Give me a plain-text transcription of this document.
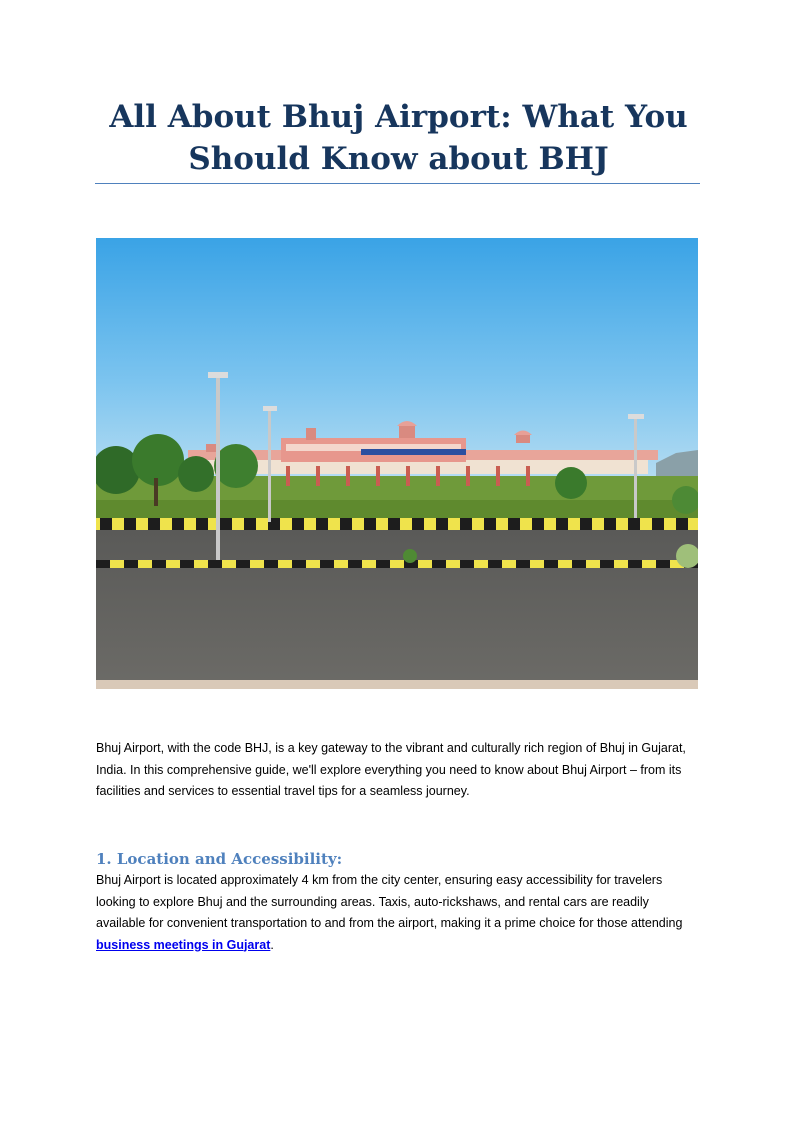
All About Bhuj Airport: What You Should Know about BHJ

Bhuj Airport, with the code BHJ, is a key gateway to the vibrant and culturally rich region of Bhuj in Gujarat, India. In this comprehensive guide, we'll explore everything you need to know about Bhuj Airport – from its facilities and services to essential travel tips for a seamless journey.

1. Location and Accessibility:

Bhuj Airport is located approximately 4 km from the city center, ensuring easy accessibility for travelers looking to explore Bhuj and the surrounding areas. Taxis, auto-rickshaws, and rental cars are readily available for convenient transportation to and from the airport, making it a prime choice for those attending business meetings in Gujarat.
